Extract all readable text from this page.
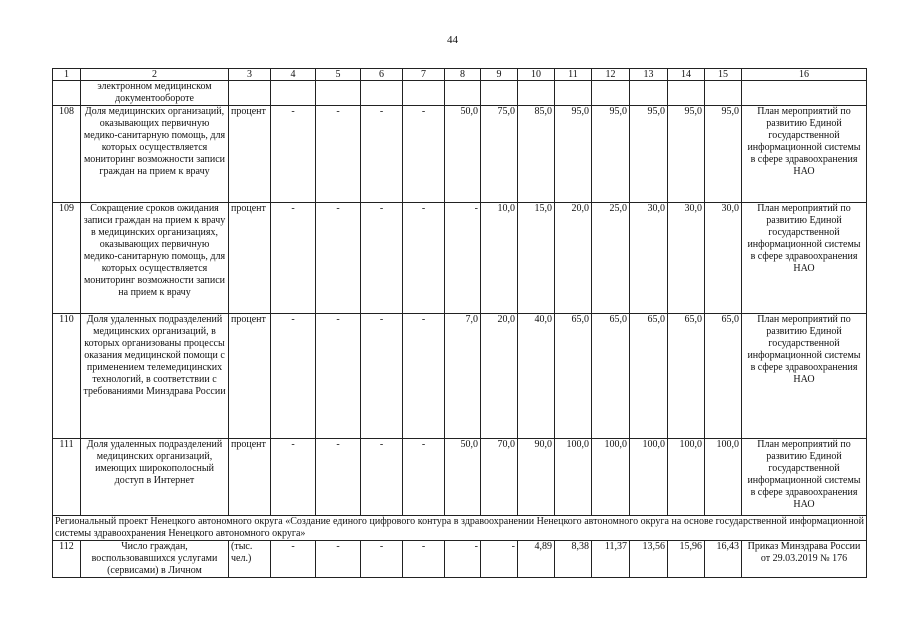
44
1	2	3	4	5	6	7	8	9	10	11	12	13	14	15	16
	электронном медицинском документообороте														
108	Доля медицинских организаций, оказывающих первичную медико-санитарную помощь, для которых осуществляется мониторинг возможности записи граждан на прием к врачу	процент	-	-	-	-	50,0	75,0	85,0	95,0	95,0	95,0	95,0	95,0	План мероприятий по развитию Единой государственной информационной системы в сфере здравоохранения НАО
109	Сокращение сроков ожидания записи граждан на прием к врачу в медицинских организациях, оказывающих первичную медико-санитарную помощь, для которых осуществляется мониторинг возможности записи на прием к врачу	процент	-	-	-	-	-	10,0	15,0	20,0	25,0	30,0	30,0	30,0	План мероприятий по развитию Единой государственной информационной системы в сфере здравоохранения НАО
110	Доля удаленных подразделений медицинских организаций, в которых организованы процессы оказания медицинской помощи с применением телемедицинских технологий, в соответствии с требованиями Минздрава России	процент	-	-	-	-	7,0	20,0	40,0	65,0	65,0	65,0	65,0	65,0	План мероприятий по развитию Единой государственной информационной системы в сфере здравоохранения НАО
111	Доля удаленных подразделений медицинских организаций, имеющих широкополосный доступ в Интернет	процент	-	-	-	-	50,0	70,0	90,0	100,0	100,0	100,0	100,0	100,0	План мероприятий по развитию Единой государственной информационной системы в сфере здравоохранения НАО
Региональный проект Ненецкого автономного округа «Создание единого цифрового контура в здравоохранении Ненецкого автономного округа на основе государственной информационной системы здравоохранения Ненецкого автономного округа»															
112	Число граждан, воспользовавшихся услугами (сервисами) в Личном	(тыс. чел.)	-	-	-	-	-	-	4,89	8,38	11,37	13,56	15,96	16,43	Приказ Минздрава России от 29.03.2019 № 176
